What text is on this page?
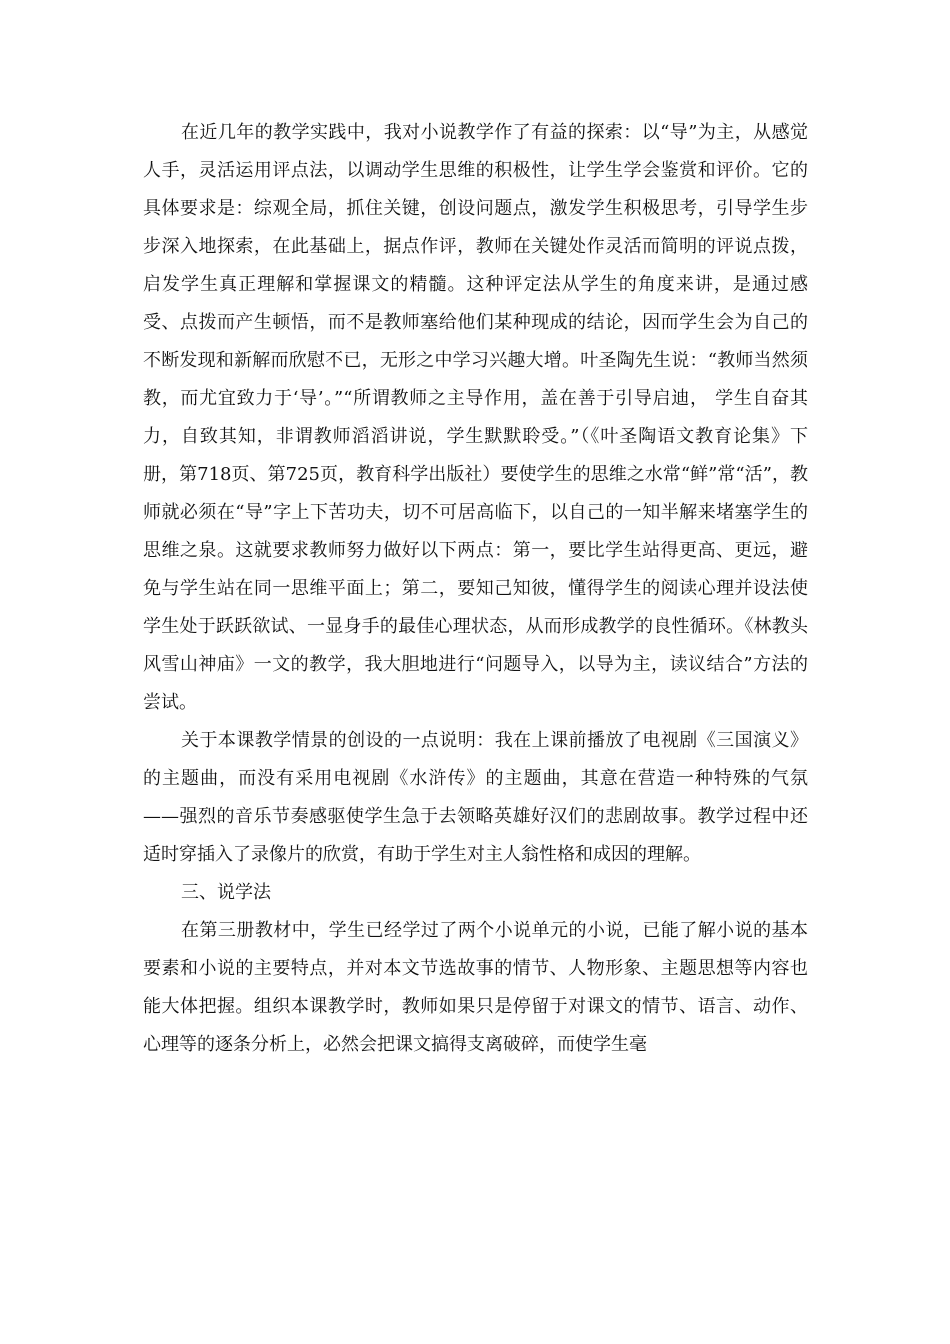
在近几年的教学实践中，我对小说教学作了有益的探索：以“导”为主，从感觉人手，灵活运用评点法，以调动学生思维的积极性，让学生学会鉴赏和评价。它的具体要求是：综观全局，抓住关键，创设问题点，激发学生积极思考，引导学生步步深入地探索，在此基础上，据点作评，教师在关键处作灵活而简明的评说点拨，启发学生真正理解和掌握课文的精髓。这种评定法从学生的角度来讲，是通过感受、点拨而产生顿悟，而不是教师塞给他们某种现成的结论，因而学生会为自己的不断发现和新解而欣慰不已，无形之中学习兴趣大增。叶圣陶先生说：“教师当然须教，而尤宜致力于‘导’。”“所谓教师之主导作用，盖在善于引导启迪， 学生自奋其力，自致其知，非谓教师滔滔讲说，学生默默聆受。”（《叶圣陶语文教育论集》下册，第718页、第725页，教育科学出版社）要使学生的思维之水常“鲜”常“活”，教师就必须在“导”字上下苦功夫，切不可居高临下，以自己的一知半解来堵塞学生的思维之泉。这就要求教师努力做好以下两点：第一，要比学生站得更高、更远，避免与学生站在同一思维平面上；第二，要知己知彼，懂得学生的阅读心理并设法使学生处于跃跃欲试、一显身手的最佳心理状态，从而形成教学的良性循环。《林教头风雪山神庙》一文的教学，我大胆地进行“问题导入，以导为主，读议结合”方法的尝试。

关于本课教学情景的创设的一点说明：我在上课前播放了电视剧《三国演义》的主题曲，而没有采用电视剧《水浒传》的主题曲，其意在营造一种特殊的气氛——强烈的音乐节奏感驱使学生急于去领略英雄好汉们的悲剧故事。教学过程中还适时穿插入了录像片的欣赏，有助于学生对主人翁性格和成因的理解。

三、说学法

在第三册教材中，学生已经学过了两个小说单元的小说，已能了解小说的基本要素和小说的主要特点，并对本文节选故事的情节、人物形象、主题思想等内容也能大体把握。组织本课教学时，教师如果只是停留于对课文的情节、语言、动作、心理等的逐条分析上，必然会把课文搞得支离破碎，而使学生毫
